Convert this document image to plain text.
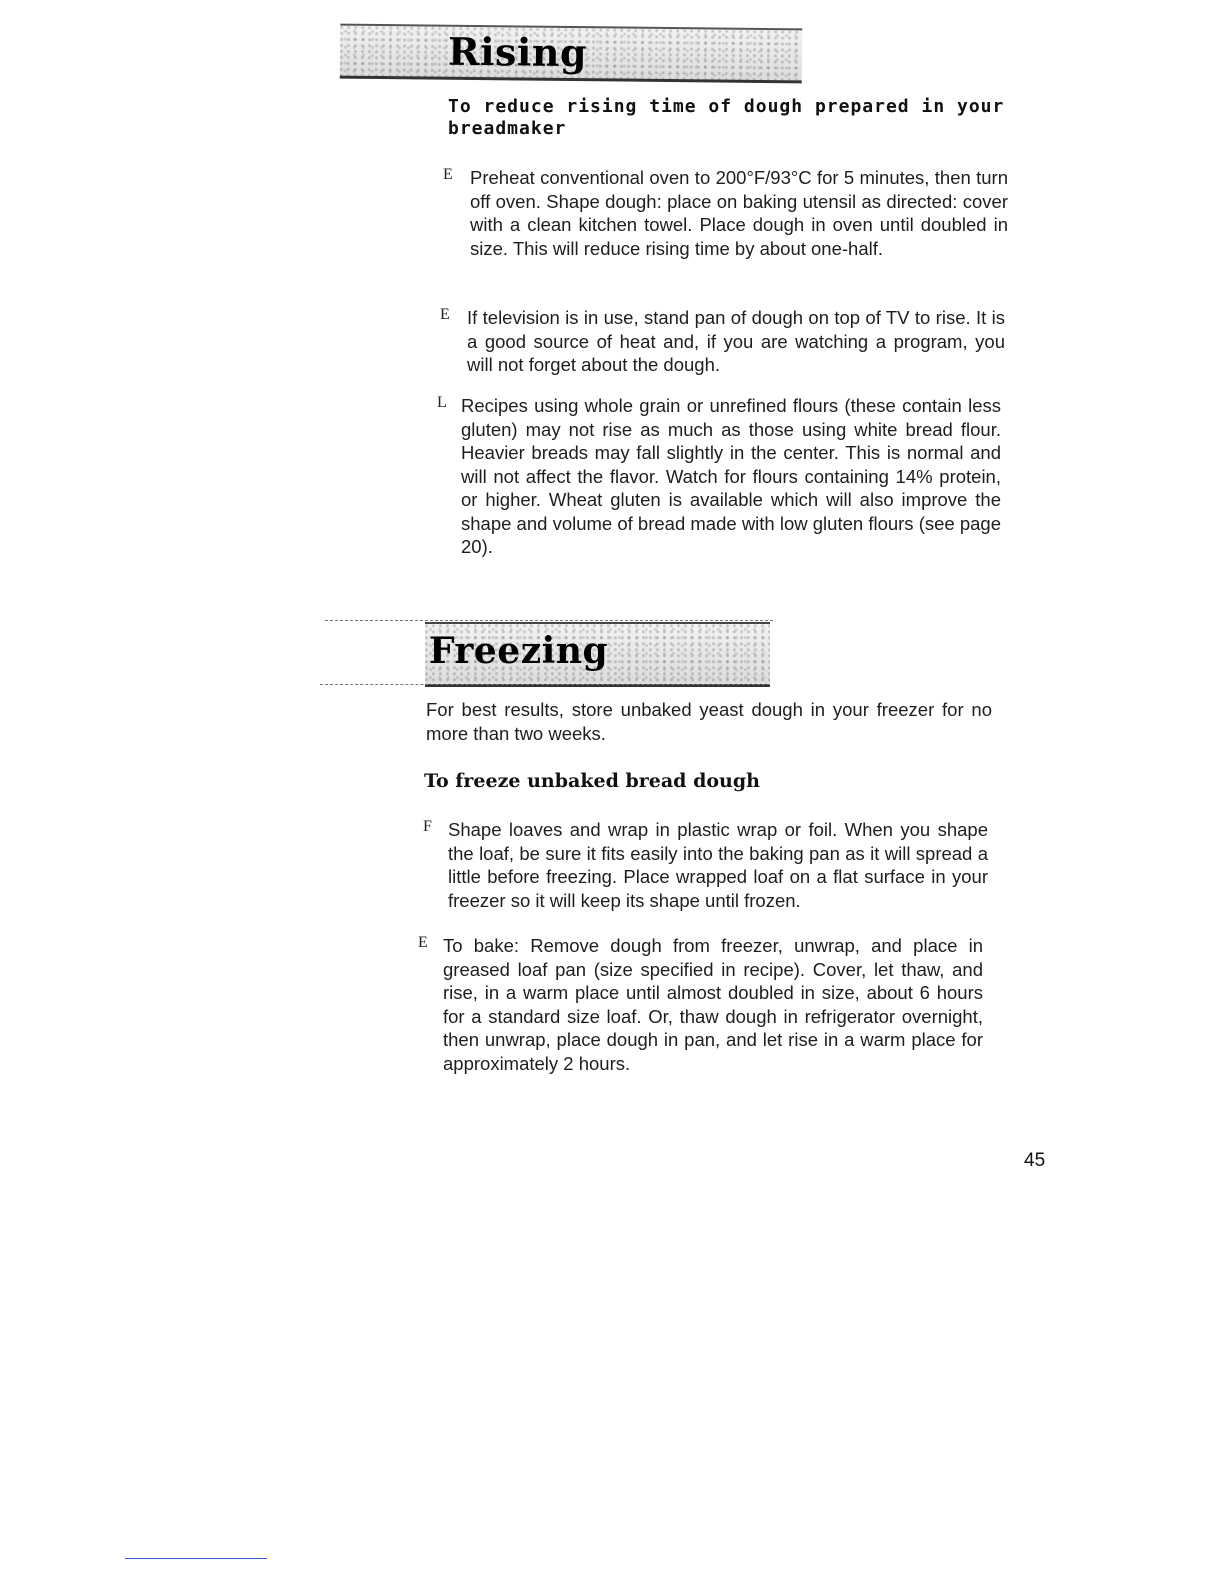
Rising
To reduce rising time of dough prepared in your breadmaker
E Preheat conventional oven to 200°F/93°C for 5 minutes, then turn off oven. Shape dough: place on baking utensil as directed: cover with a clean kitchen towel. Place dough in oven until doubled in size. This will reduce rising time by about one-half.
E If television is in use, stand pan of dough on top of TV to rise. It is a good source of heat and, if you are watching a program, you will not forget about the dough.
L Recipes using whole grain or unrefined flours (these contain less gluten) may not rise as much as those using white bread flour. Heavier breads may fall slightly in the center. This is normal and will not affect the flavor. Watch for flours containing 14% protein, or higher. Wheat gluten is available which will also improve the shape and volume of bread made with low gluten flours (see page 20).
Freezing
For best results, store unbaked yeast dough in your freezer for no more than two weeks.
To freeze unbaked bread dough
F Shape loaves and wrap in plastic wrap or foil. When you shape the loaf, be sure it fits easily into the baking pan as it will spread a little before freezing. Place wrapped loaf on a flat surface in your freezer so it will keep its shape until frozen.
E To bake: Remove dough from freezer, unwrap, and place in greased loaf pan (size specified in recipe). Cover, let thaw, and rise, in a warm place until almost doubled in size, about 6 hours for a standard size loaf. Or, thaw dough in refrigerator overnight, then unwrap, place dough in pan, and let rise in a warm place for approximately 2 hours.
45
